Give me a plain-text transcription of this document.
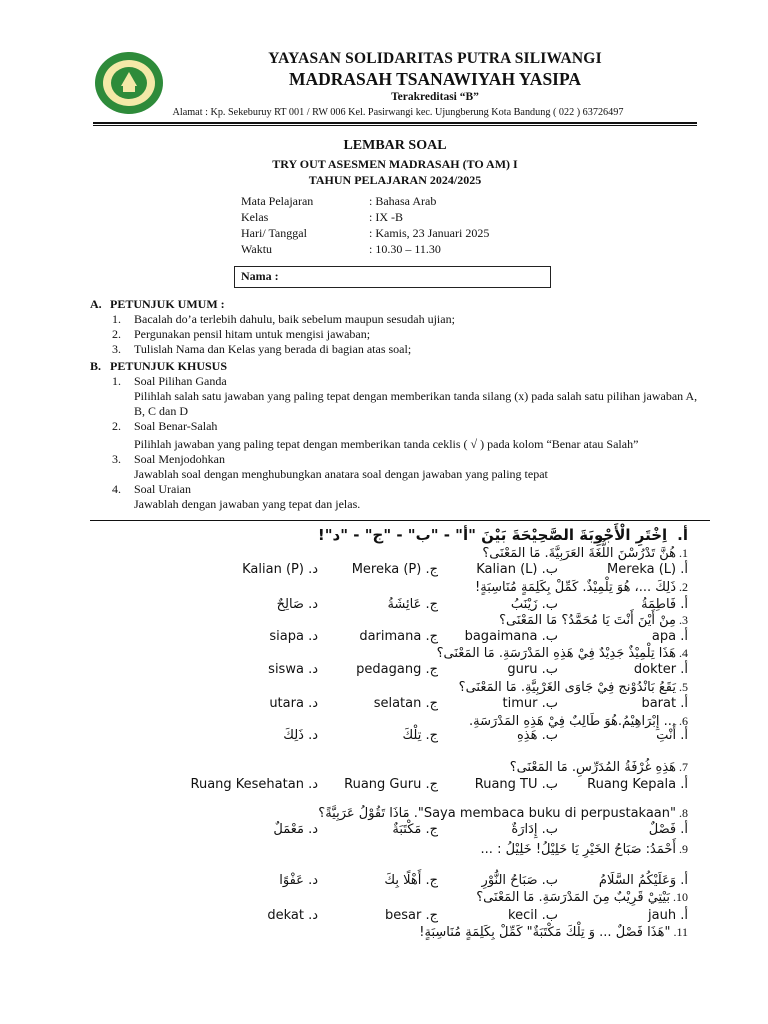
YAYASAN SOLIDARITAS PUTRA SILIWANGI
MADRASAH TSANAWIYAH YASIPA
Terakreditasi “B”
Alamat : Kp. Sekeburuy RT 001 / RW 006 Kel. Pasirwangi kec. Ujungberung Kota Bandung ( 022 ) 63726497
LEMBAR SOAL
TRY OUT ASESMEN MADRASAH (TO AM) I
TAHUN PELAJARAN 2024/2025
Mata Pelajaran	: Bahasa Arab
Kelas	: IX -B
Hari/ Tanggal	: Kamis, 23 Januari 2025
Waktu	: 10.30 – 11.30
Nama :
A. PETUNJUK UMUM :
1.	Bacalah do’a terlebih dahulu, baik sebelum maupun sesudah ujian;
2.	Pergunakan pensil hitam untuk mengisi jawaban;
3.	Tulislah Nama dan Kelas yang berada di bagian atas soal;
B. PETUNJUK KHUSUS
1.	Soal Pilihan Ganda
Pilihlah salah satu jawaban yang paling tepat dengan memberikan tanda silang (x) pada salah satu pilihan jawaban A, B, C dan D
2.	Soal Benar-Salah
Pilihlah jawaban yang paling tepat dengan memberikan tanda ceklis ( √ ) pada kolom “Benar atau Salah”
3.	Soal Menjodohkan
Jawablah soal dengan menghubungkan anatara soal dengan jawaban yang paling tepat
4.	Soal Uraian
Jawablah dengan jawaban yang tepat dan jelas.
أ.اِخْتَرِ الْأَجْوِبَةَ الصَّحِيْحَةَ بَيْنَ "أ" - "ب" - "ج" - "د"!
1. هُنَّ تَدْرُسْنَ اللُّغَةَ العَرَبِيَّةَ. مَا المَعْنَى؟
أ. Mereka (L)
ب. Kalian (L)
ج. Mereka (P)
د. Kalian (P)
2. ذَلِكَ ...، هُوَ تِلْمِيْذٌ. كَمِّلْ بِكَلِمَةٍ مُنَاسِبَةٍ!
أ. فَاطِمَةُ
ب. زَيْنَبُ
ج. عَائِشَةُ
د. صَالِحٌ
3. مِنْ أَيْنَ أَنْتَ يَا مُحَمَّدُ؟ مَا المَعْنَى؟
أ. apa
ب. bagaimana
ج. darimana
د. siapa
4. هَذَا تِلْمِيْذٌ جَدِيْدٌ فِيْ هَذِهِ المَدْرَسَةِ. مَا المَعْنَى؟
أ. dokter
ب. guru
ج. pedagang
د. siswa
5. يَقَعُ بَانْدُوْنج فِيْ جَاوَى الغَرْبِيَّةِ. مَا المَعْنَى؟
أ. barat
ب. timur
ج. selatan
د. utara
6. ... إِبْرَاهِيْمُ.هُوَ طَالِبٌ فِيْ هَذِهِ المَدْرَسَةِ.
أ. أَنْتِ
ب. هَذِهِ
ج. تِلْكَ
د. ذَلِكَ
7. هَذِهِ غُرْفَةُ المُدَرِّسِ. مَا المَعْنَى؟
أ. Ruang Kepala
ب. Ruang TU
ج. Ruang Guru
د. Ruang Kesehatan
8. "Saya membaca buku di perpustakaan". مَاذَا تَقُوْلُ عَرَبِيَّةً؟
أ. فَصْلٌ
ب. إِدَارَةٌ
ج. مَكْتَبَةٌ
د. مَعْمَلٌ
9. أَحْمَدُ: صَبَاحُ الخَيْرِ يَا خَلِيْلُ! خَلِيْلُ : ...
أ. وَعَلَيْكُمُ السَّلَامُ
ب. صَبَاحُ النُّوْرِ
ج. أَهْلًا بِكَ
د. عَفْوًا
10. بَيْتِيْ قَرِيْبٌ مِنَ المَدْرَسَةِ. مَا المَعْنَى؟
أ. jauh
ب. kecil
ج. besar
د. dekat
11. "هَذَا فَصْلٌ ... وَ تِلْكَ مَكْتَبَةٌ" كَمِّلْ بِكَلِمَةٍ مُنَاسِبَةٍ!
